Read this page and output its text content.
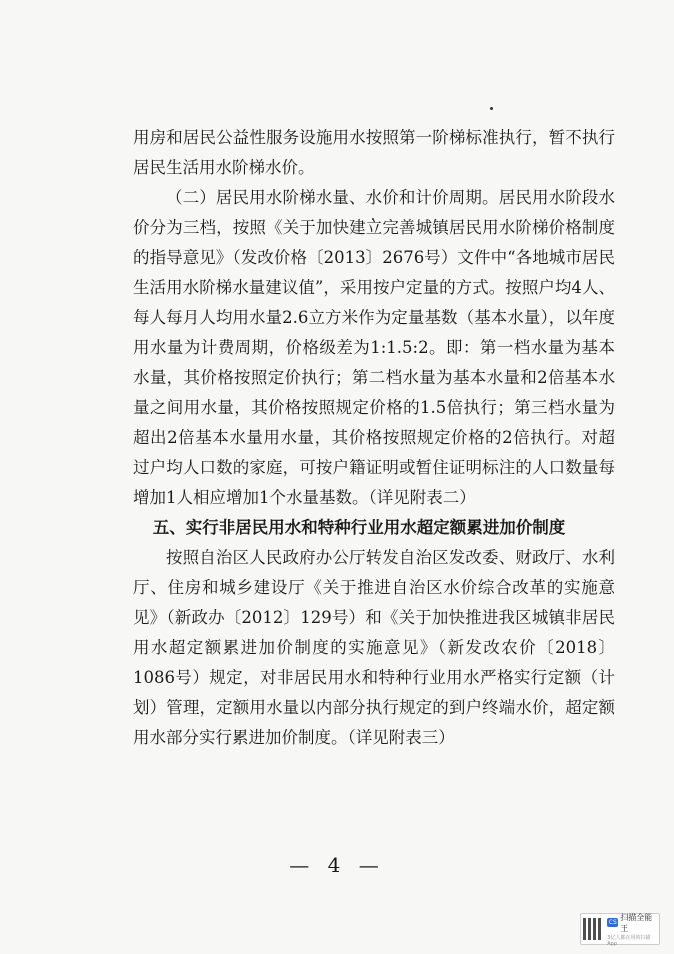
用房和居民公益性服务设施用水按照第一阶梯标准执行，暂不执行居民生活用水阶梯水价。

（二）居民用水阶梯水量、水价和计价周期。居民用水阶段水价分为三档，按照《关于加快建立完善城镇居民用水阶梯价格制度的指导意见》（发改价格〔2013〕2676号）文件中“各地城市居民生活用水阶梯水量建议值”，采用按户定量的方式。按照户均4人、每人每月人均用水量2.6立方米作为定量基数（基本水量），以年度用水量为计费周期，价格级差为1:1.5:2。即：第一档水量为基本水量，其价格按照定价执行；第二档水量为基本水量和2倍基本水量之间用水量，其价格按照规定价格的1.5倍执行；第三档水量为超出2倍基本水量用水量，其价格按照规定价格的2倍执行。对超过户均人口数的家庭，可按户籍证明或暂住证明标注的人口数量每增加1人相应增加1个水量基数。（详见附表二）

五、实行非居民用水和特种行业用水超定额累进加价制度

按照自治区人民政府办公厅转发自治区发改委、财政厅、水利厅、住房和城乡建设厅《关于推进自治区水价综合改革的实施意见》（新政办〔2012〕129号）和《关于加快推进我区城镇非居民用水超定额累进加价制度的实施意见》（新发改农价〔2018〕1086号）规定，对非居民用水和特种行业用水严格实行定额（计划）管理，定额用水量以内部分执行规定的到户终端水价，超定额用水部分实行累进加价制度。（详见附表三）

— 4 —
CS
扫描全能王
3亿人都在用的扫描App
